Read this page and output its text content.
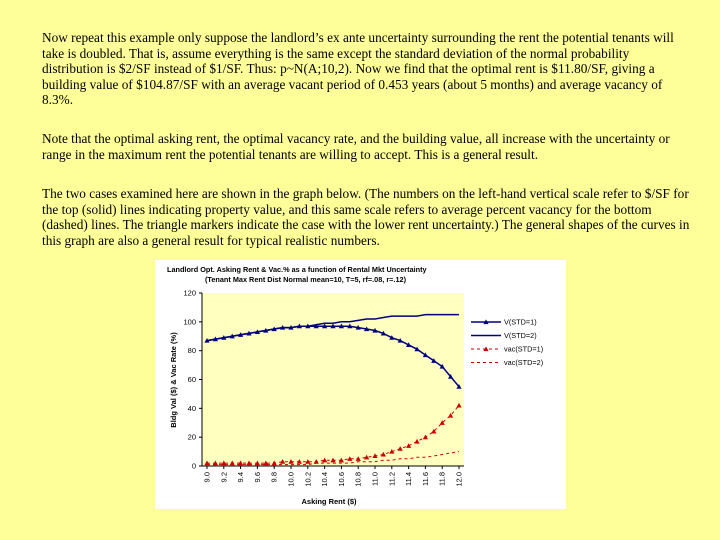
Now repeat this example only suppose the landlord’s ex ante uncertainty surrounding the rent the potential tenants will take is doubled. That is, assume everything is the same except the standard deviation of the normal probability distribution is $2/SF instead of $1/SF. Thus: p~N(A;10,2). Now we find that the optimal rent is $11.80/SF, giving a building value of $104.87/SF with an average vacant period of 0.453 years (about 5 months) and average vacancy of 8.3%.

Note that the optimal asking rent, the optimal vacancy rate, and the building value, all increase with the uncertainty or range in the maximum rent the potential tenants are willing to accept. This is a general result.

The two cases examined here are shown in the graph below. (The numbers on the left-hand vertical scale refer to $/SF for the top (solid) lines indicating property value, and this same scale refers to average percent vacancy for the bottom (dashed) lines. The triangle markers indicate the case with the lower rent uncertainty.) The general shapes of the curves in this graph are also a general result for typical realistic numbers.

Landlord Opt. Asking Rent & Vac.% as a function of Rental Mkt Uncertainty
(Tenant Max Rent Dist Normal mean=10, T=5, rf=.08, r=.12)
0
20
40
60
80
100
120
9.0 9.2 9.4 9.6 9.8 10.0 10.2 10.4 10.6 10.8 11.0 11.2 11.4 11.6 11.8 12.0
Bldg Val ($) & Vac Rate (%)
Asking Rent ($)
V(STD=1)
V(STD=2)
vac(STD=1)
vac(STD=2)
